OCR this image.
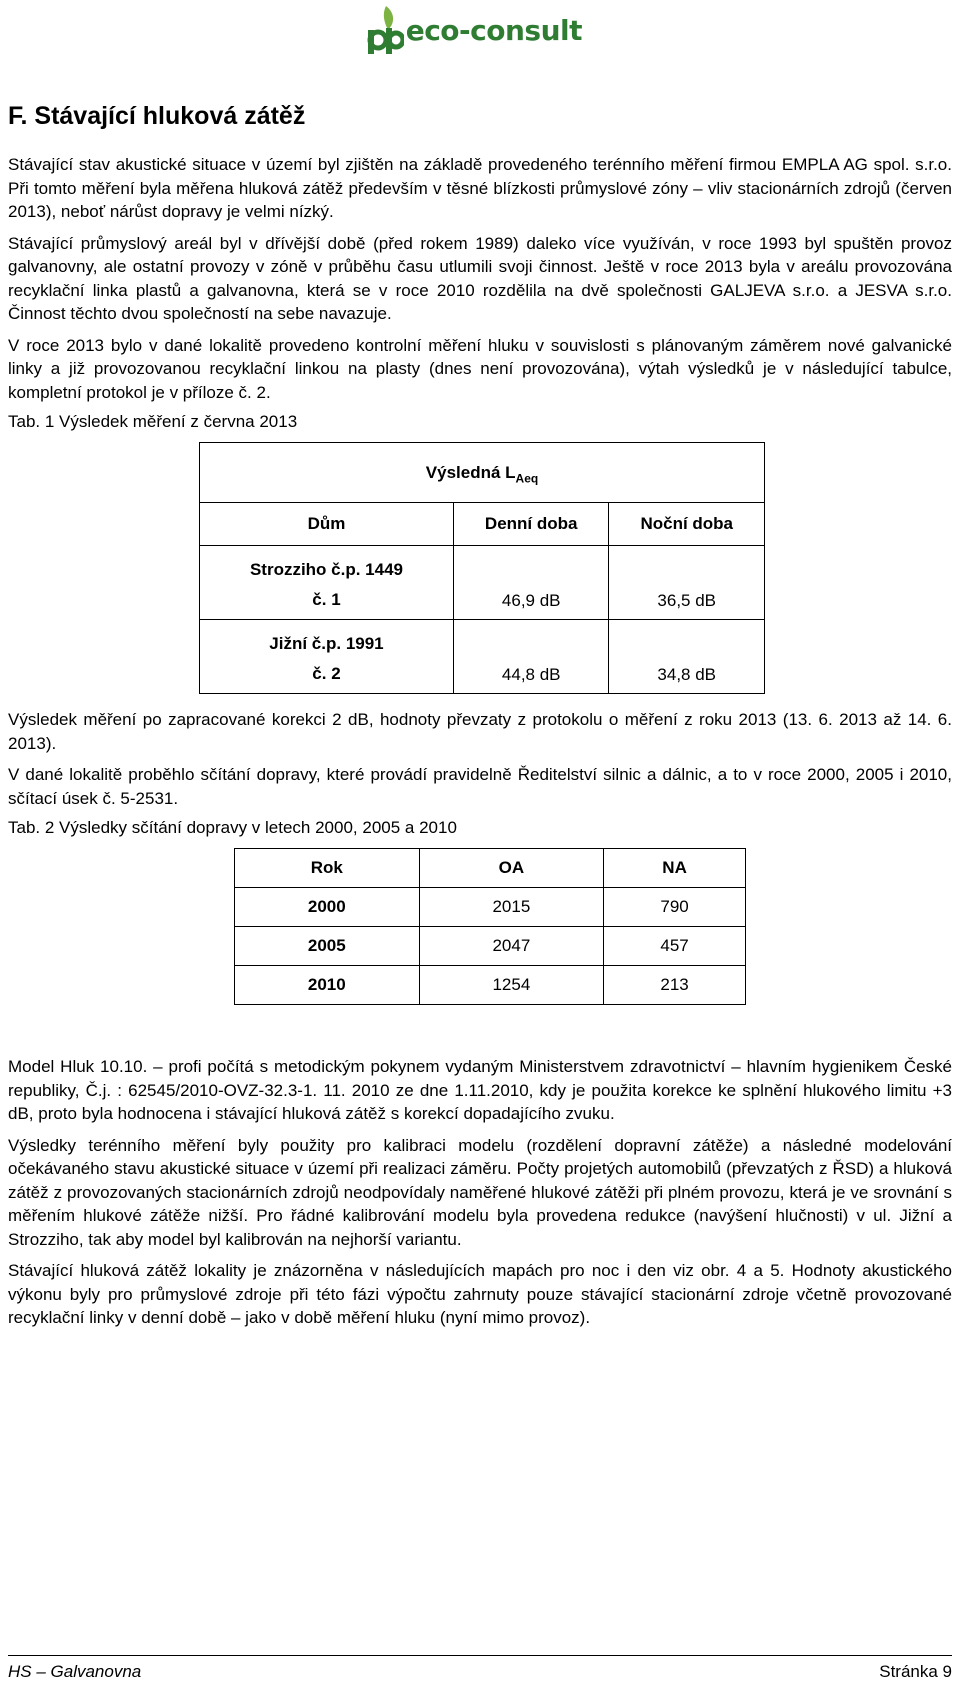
eco-consult
F. Stávající hluková zátěž

Stávající stav akustické situace v území byl zjištěn na základě provedeného terénního měření firmou EMPLA AG spol. s.r.o. Při tomto měření byla měřena hluková zátěž především v těsné blízkosti průmyslové zóny – vliv stacionárních zdrojů (červen 2013), neboť nárůst dopravy je velmi nízký.

Stávající průmyslový areál byl v dřívější době (před rokem 1989) daleko více využíván, v roce 1993 byl spuštěn provoz galvanovny, ale ostatní provozy v zóně v průběhu času utlumili svoji činnost. Ještě v roce 2013 byla v areálu provozována recyklační linka plastů a galvanovna, která se v roce 2010 rozdělila na dvě společnosti GALJEVA s.r.o. a JESVA s.r.o. Činnost těchto dvou společností na sebe navazuje.

V roce 2013 bylo v dané lokalitě provedeno kontrolní měření hluku v souvislosti s plánovaným záměrem nové galvanické linky a již provozovanou recyklační linkou na plasty (dnes není provozována), výtah výsledků je v následující tabulce, kompletní protokol je v příloze č. 2.

Tab. 1 Výsledek měření z června 2013
Výsledná $L_{Aeq}$
Dům	Denní doba	Noční doba
Strozziho č.p. 1449
č. 1	46,9 dB	36,5 dB
Jižní č.p. 1991
č. 2	44,8 dB	34,8 dB

Výsledek měření po zapracované korekci 2 dB, hodnoty převzaty z protokolu o měření z roku 2013 (13. 6. 2013 až 14. 6. 2013).

V dané lokalitě proběhlo sčítání dopravy, které provádí pravidelně Ředitelství silnic a dálnic, a to v roce 2000, 2005 i 2010, sčítací úsek č. 5-2531.

Tab. 2 Výsledky sčítání dopravy v letech 2000, 2005 a 2010
Rok	OA	NA
2000	2015	790
2005	2047	457
2010	1254	213

Model Hluk 10.10. – profi počítá s metodickým pokynem vydaným Ministerstvem zdravotnictví – hlavním hygienikem České republiky, Č.j. : 62545/2010-OVZ-32.3-1. 11. 2010 ze dne 1.11.2010, kdy je použita korekce ke splnění hlukového limitu +3 dB, proto byla hodnocena i stávající hluková zátěž s korekcí dopadajícího zvuku.

Výsledky terénního měření byly použity pro kalibraci modelu (rozdělení dopravní zátěže) a následné modelování očekávaného stavu akustické situace v území při realizaci záměru. Počty projetých automobilů (převzatých z ŘSD) a hluková zátěž z provozovaných stacionárních zdrojů neodpovídaly naměřené hlukové zátěži při plném provozu, která je ve srovnání s měřením hlukové zátěže nižší. Pro řádné kalibrování modelu byla provedena redukce (navýšení hlučnosti) v ul. Jižní a Strozziho, tak aby model byl kalibrován na nejhorší variantu.

Stávající hluková zátěž lokality je znázorněna v následujících mapách pro noc i den viz obr. 4 a 5. Hodnoty akustického výkonu byly pro průmyslové zdroje při této fázi výpočtu zahrnuty pouze stávající stacionární zdroje včetně provozované recyklační linky v denní době – jako v době měření hluku (nyní mimo provoz).

HS – Galvanovna	Stránka 9
